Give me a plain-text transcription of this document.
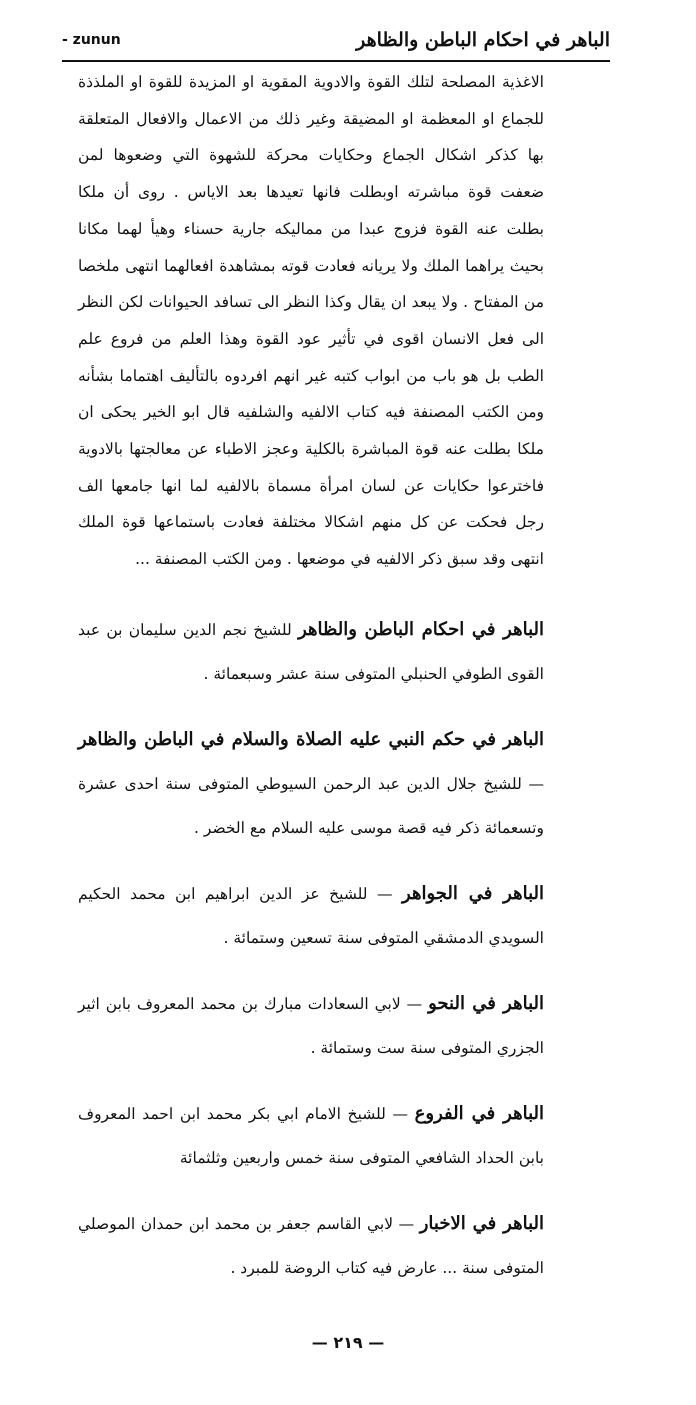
- zunun	الباهر في احكام الباطن والظاهر

الاغذية المصلحة لتلك القوة والادوية المقوية او المزيدة للقوة او الملذذة للجماع او المعظمة او المضيقة وغير ذلك من الاعمال والافعال المتعلقة بها كذكر اشكال الجماع وحكايات محركة للشهوة التي وضعوها لمن ضعفت قوة مباشرته اوبطلت فانها تعيدها بعد الاياس . روى أن ملكا بطلت عنه القوة فزوج عبدا من مماليكه جارية حسناء وهيأ لهما مكانا بحيث يراهما الملك ولا يريانه فعادت قوته بمشاهدة افعالهما انتهى ملخصا من المفتاح . ولا يبعد ان يقال وكذا النظر الى تسافد الحيوانات لكن النظر الى فعل الانسان اقوى في تأثير عود القوة وهذا العلم من فروع علم الطب بل هو باب من ابواب كتبه غير انهم افردوه بالتأليف اهتماما بشأنه ومن الكتب المصنفة فيه كتاب الالفيه والشلفيه قال ابو الخير يحكى ان ملكا بطلت عنه قوة المباشرة بالكلية وعجز الاطباء عن معالجتها بالادوية فاخترعوا حكايات عن لسان امرأة مسماة بالالفيه لما انها جامعها الف رجل فحكت عن كل منهم اشكالا مختلفة فعادت باستماعها قوة الملك انتهى وقد سبق ذكر الالفيه في موضعها . ومن الكتب المصنفة ...

الباهر في احكام الباطن والظاهر للشيخ نجم الدين سليمان بن عبد القوى الطوفي الحنبلي المتوفى سنة عشر وسبعمائة .

الباهر في حكم النبي عليه الصلاة والسلام في الباطن والظاهر — للشيخ جلال الدين عبد الرحمن السيوطي المتوفى سنة احدى عشرة وتسعمائة ذكر فيه قصة موسى عليه السلام مع الخضر .

الباهر في الجواهر — للشيخ عز الدين ابراهيم ابن محمد الحكيم السويدي الدمشقي المتوفى سنة تسعين وستمائة .

الباهر في النحو — لابي السعادات مبارك بن محمد المعروف بابن اثير الجزري المتوفى سنة ست وستمائة .

الباهر في الفروع — للشيخ الامام ابي بكر محمد ابن احمد المعروف بابن الحداد الشافعي المتوفى سنة خمس واربعين وثلثمائة

الباهر في الاخبار — لابي القاسم جعفر بن محمد ابن حمدان الموصلي المتوفى سنة ... عارض فيه كتاب الروضة للمبرد .

— ٢١٩ —
